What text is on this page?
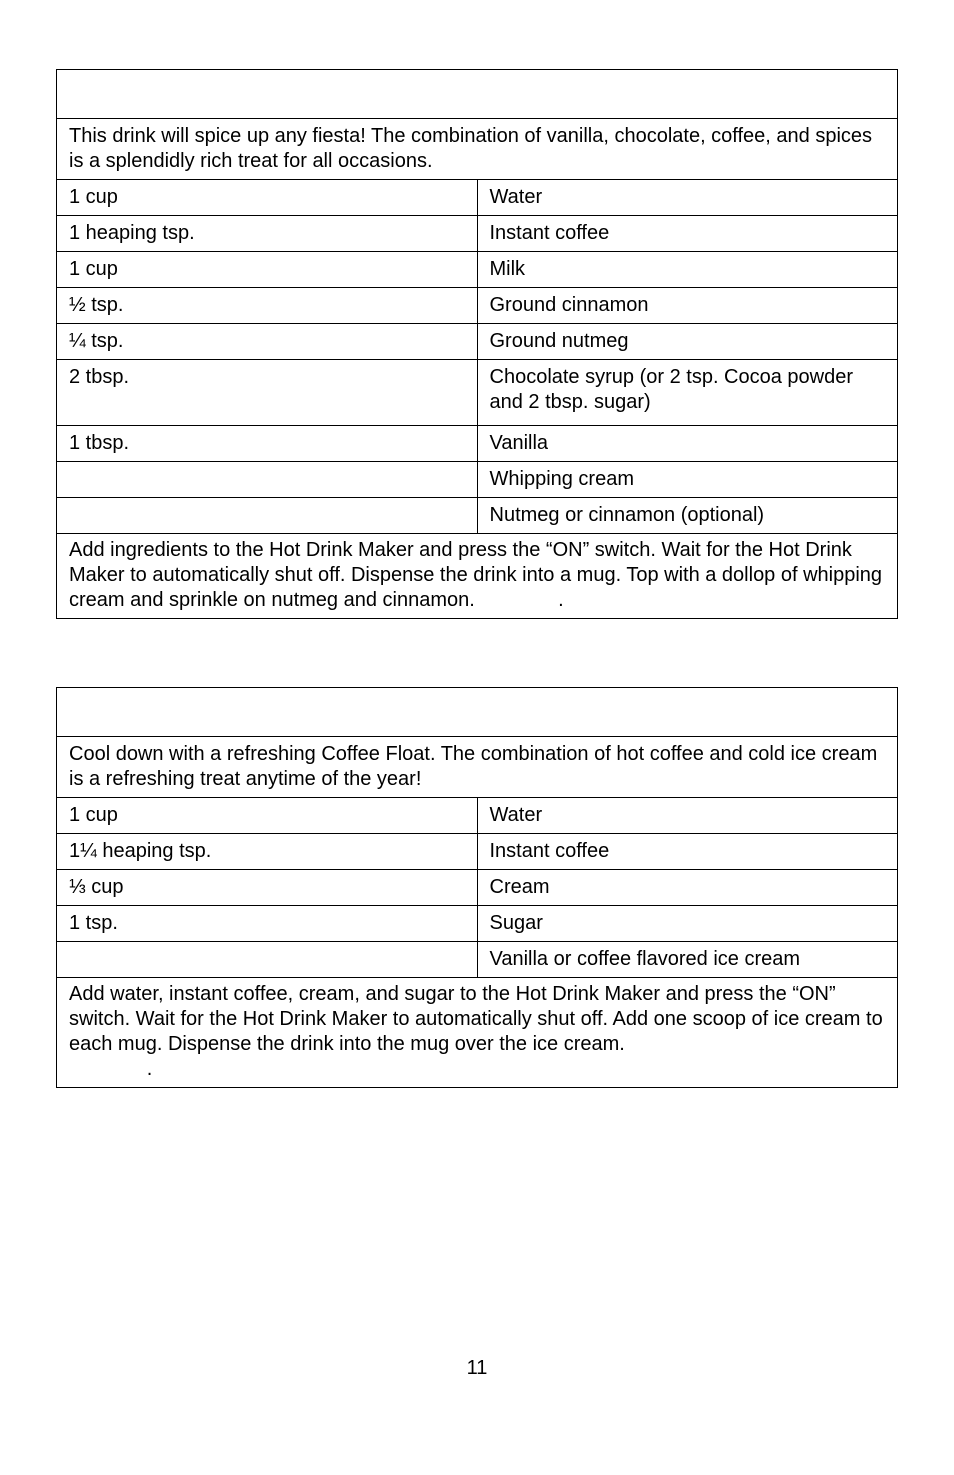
This drink will spice up any fiesta! The combination of vanilla, chocolate, coffee, and spices is a splendidly rich treat for all occasions.	
1 cup	Water
1 heaping tsp.	Instant coffee
1 cup	Milk
½ tsp.	Ground cinnamon
¼ tsp.	Ground nutmeg
2 tbsp.	Chocolate syrup (or 2 tsp. Cocoa powder and 2 tbsp. sugar)
1 tbsp.	Vanilla
	Whipping cream
	Nutmeg or cinnamon (optional)
Add ingredients to the Hot Drink Maker and press the “ON” switch. Wait for the Hot Drink Maker to automatically shut off. Dispense the drink into a mug. Top with a dollop of whipping cream and sprinkle on nutmeg and cinnamon.               .	

Cool down with a refreshing Coffee Float. The combination of hot coffee and cold ice cream is a refreshing treat anytime of the year!	
1 cup	Water
1¼ heaping tsp.	Instant coffee
⅓ cup	Cream
1 tsp.	Sugar
	Vanilla or coffee flavored ice cream
Add water, instant coffee, cream, and sugar to the Hot Drink Maker and press the “ON” switch. Wait for the Hot Drink Maker to automatically shut off. Add one scoop of ice cream to each mug. Dispense the drink into the mug over the ice cream.
.	
11
